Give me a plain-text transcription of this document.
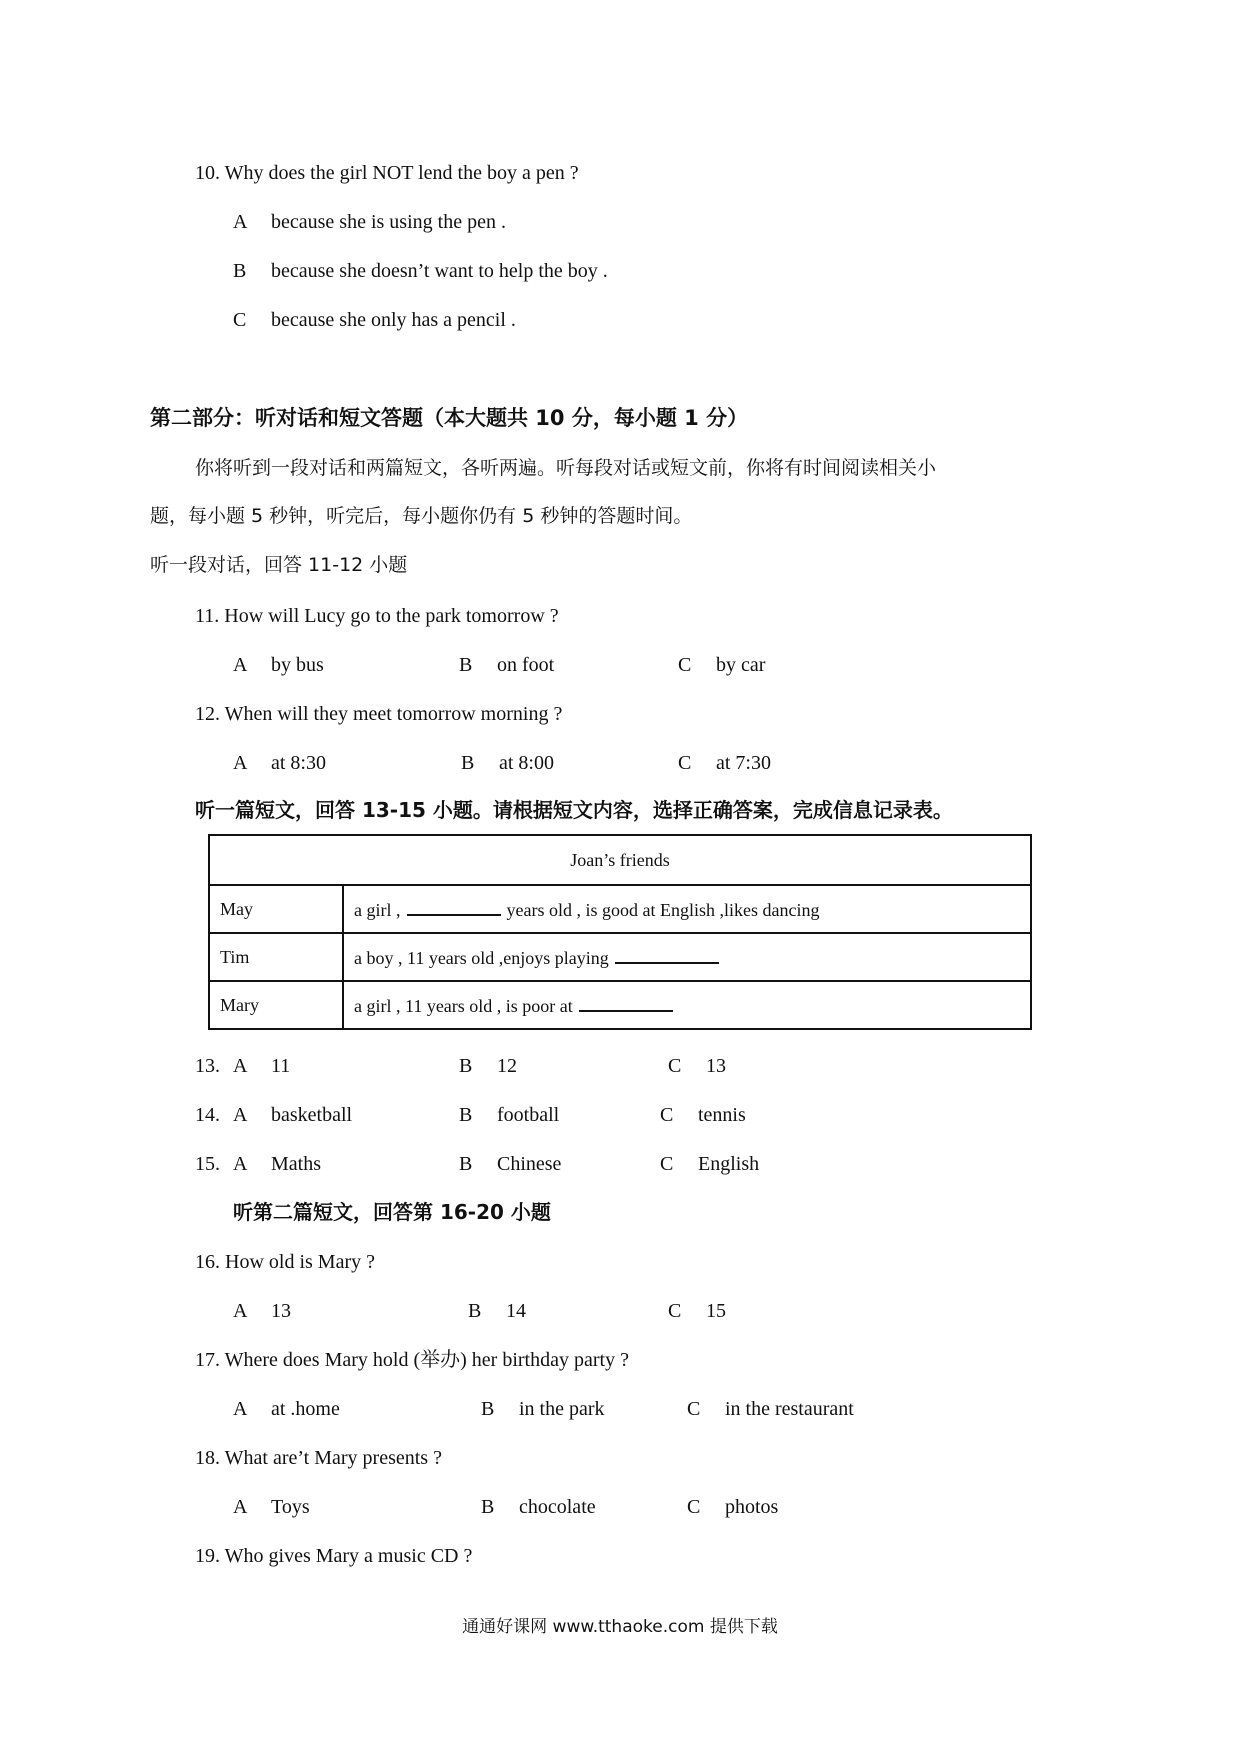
10. Why does the girl NOT lend the boy a pen ?
A because she is using the pen .
B because she doesn’t want to help the boy .
C because she only has a pencil .
第二部分：听对话和短文答题（本大题共 10 分，每小题 1 分）
你将听到一段对话和两篇短文，各听两遍。听每段对话或短文前，你将有时间阅读相关小
题，每小题 5 秒钟，听完后，每小题你仍有 5 秒钟的答题时间。
听一段对话，回答 11-12 小题
11. How will Lucy go to the park tomorrow ?
A by bus	B on foot	C by car
12. When will they meet tomorrow morning ?
A at 8:30	B at 8:00	C at 7:30
听一篇短文，回答 13-15 小题。请根据短文内容，选择正确答案，完成信息记录表。
Joan’s friends	
May	a girl , years old , is good at English ,likes dancing
Tim	a boy , 11 years old ,enjoys playing
Mary	a girl , 11 years old , is poor at
13. A 11	B 12	C 13
14. A basketball	B football	C tennis
15. A Maths	B Chinese	C English
听第二篇短文，回答第 16-20 小题
16. How old is Mary ?
A 13	B 14	C 15
17. Where does Mary hold (举办) her birthday party ?
A at .home	B in the park	C in the restaurant
18. What are’t Mary presents ?
A Toys	B chocolate	C photos
19. Who gives Mary a music CD ?
通通好课网 www.tthaoke.com 提供下载
